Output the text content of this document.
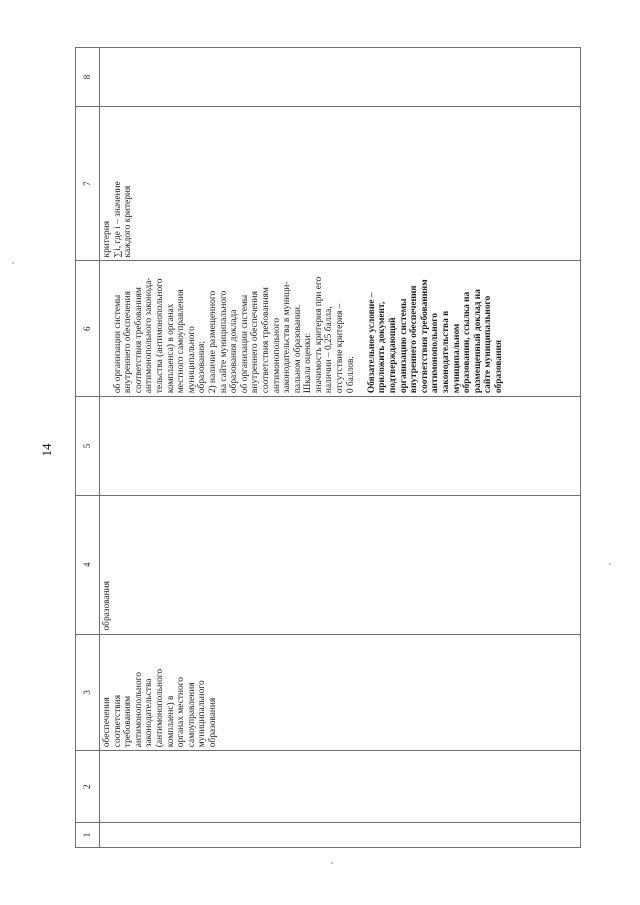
14
1
2
3
4
5
6
7
8
обеспечения соответствия требованиям антимонопольного законодательства (антимонопольного комплаенс) в органах местного самоуправления муниципального образования
образования

об организации системы внутреннего обеспечения соответствия требованиям антимонопольного законода- тельства (антимонопольного комплаенса) в органах местного самоуправления муниципального образования; 2) наличие размещенного на сайте муниципального образования доклада об организации системы внутреннего обеспечения соответствия требованиям антимонопольного законодательства в муници- пальном образовании. Шкала оценки: значимость критерия при его наличии – 0,25 балла, отсутствие критерия – 0 баллов. Обязательное условие – приложить документ, подтверждающий организацию системы внутреннего обеспечения соответствия требованиям антимонопольного законодательства в муниципальном образовании, ссылка на размещенный доклад на сайте муниципального образования

критерия ∑i, где i – значение каждого критерия
